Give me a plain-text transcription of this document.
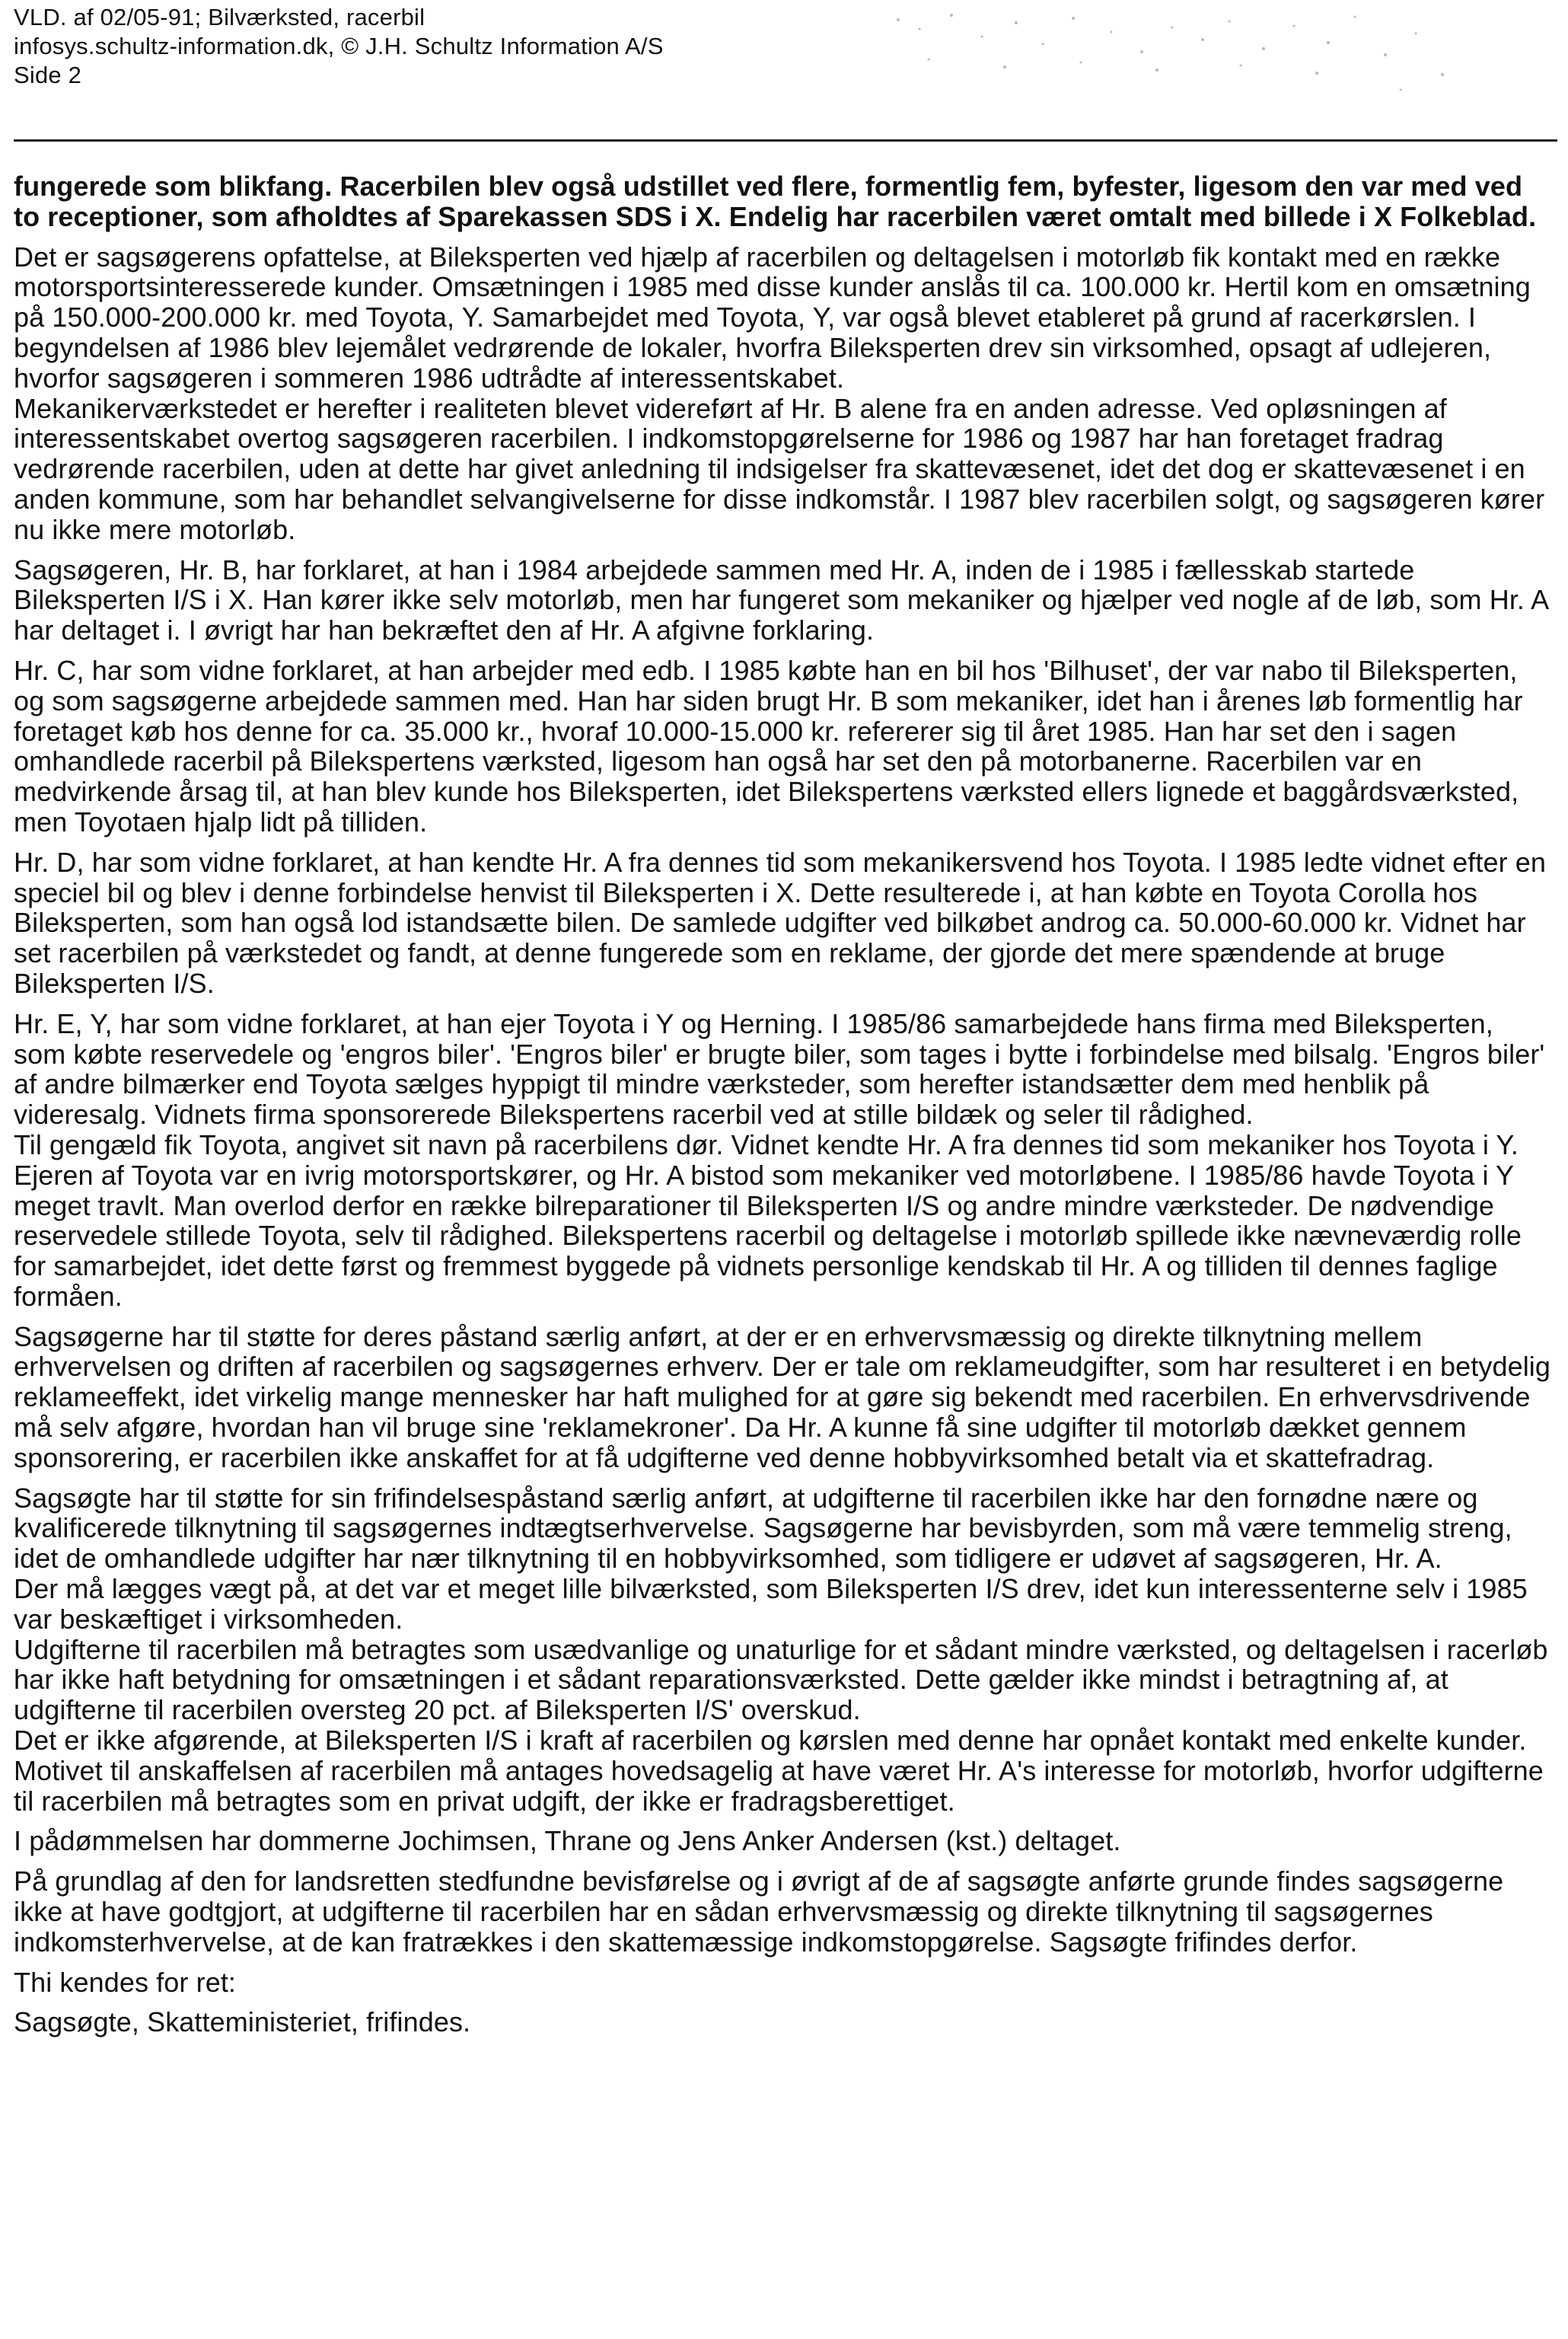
VLD. af 02/05-91; Bilværksted, racerbil
infosys.schultz-information.dk, © J.H. Schultz Information A/S
Side 2

fungerede som blikfang. Racerbilen blev også udstillet ved flere, formentlig fem, byfester, ligesom den var med ved to receptioner, som afholdtes af Sparekassen SDS i X. Endelig har racerbilen været omtalt med billede i X Folkeblad.

Det er sagsøgerens opfattelse, at Bileksperten ved hjælp af racerbilen og deltagelsen i motorløb fik kontakt med en række motorsportsinteresserede kunder. Omsætningen i 1985 med disse kunder anslås til ca. 100.000 kr. Hertil kom en omsætning på 150.000-200.000 kr. med Toyota, Y. Samarbejdet med Toyota, Y, var også blevet etableret på grund af racerkørslen. I begyndelsen af 1986 blev lejemålet vedrørende de lokaler, hvorfra Bileksperten drev sin virksomhed, opsagt af udlejeren, hvorfor sagsøgeren i sommeren 1986 udtrådte af interessentskabet.

Mekanikerværkstedet er herefter i realiteten blevet videreført af Hr. B alene fra en anden adresse. Ved opløsningen af interessentskabet overtog sagsøgeren racerbilen. I indkomstopgørelserne for 1986 og 1987 har han foretaget fradrag vedrørende racerbilen, uden at dette har givet anledning til indsigelser fra skattevæsenet, idet det dog er skattevæsenet i en anden kommune, som har behandlet selvangivelserne for disse indkomstår. I 1987 blev racerbilen solgt, og sagsøgeren kører nu ikke mere motorløb.

Sagsøgeren, Hr. B, har forklaret, at han i 1984 arbejdede sammen med Hr. A, inden de i 1985 i fællesskab startede Bileksperten I/S i X. Han kører ikke selv motorløb, men har fungeret som mekaniker og hjælper ved nogle af de løb, som Hr. A har deltaget i. I øvrigt har han bekræftet den af Hr. A afgivne forklaring.

Hr. C, har som vidne forklaret, at han arbejder med edb. I 1985 købte han en bil hos 'Bilhuset', der var nabo til Bileksperten, og som sagsøgerne arbejdede sammen med. Han har siden brugt Hr. B som mekaniker, idet han i årenes løb formentlig har foretaget køb hos denne for ca. 35.000 kr., hvoraf 10.000-15.000 kr. refererer sig til året 1985. Han har set den i sagen omhandlede racerbil på Bilekspertens værksted, ligesom han også har set den på motorbanerne. Racerbilen var en medvirkende årsag til, at han blev kunde hos Bileksperten, idet Bilekspertens værksted ellers lignede et baggårdsværksted, men Toyotaen hjalp lidt på tilliden.

Hr. D, har som vidne forklaret, at han kendte Hr. A fra dennes tid som mekanikersvend hos Toyota. I 1985 ledte vidnet efter en speciel bil og blev i denne forbindelse henvist til Bileksperten i X. Dette resulterede i, at han købte en Toyota Corolla hos Bileksperten, som han også lod istandsætte bilen. De samlede udgifter ved bilkøbet androg ca. 50.000-60.000 kr. Vidnet har set racerbilen på værkstedet og fandt, at denne fungerede som en reklame, der gjorde det mere spændende at bruge Bileksperten I/S.

Hr. E, Y, har som vidne forklaret, at han ejer Toyota i Y og Herning. I 1985/86 samarbejdede hans firma med Bileksperten, som købte reservedele og 'engros biler'. 'Engros biler' er brugte biler, som tages i bytte i forbindelse med bilsalg. 'Engros biler' af andre bilmærker end Toyota sælges hyppigt til mindre værksteder, som herefter istandsætter dem med henblik på videresalg. Vidnets firma sponsorerede Bilekspertens racerbil ved at stille bildæk og seler til rådighed.

Til gengæld fik Toyota, angivet sit navn på racerbilens dør. Vidnet kendte Hr. A fra dennes tid som mekaniker hos Toyota i Y. Ejeren af Toyota var en ivrig motorsportskører, og Hr. A bistod som mekaniker ved motorløbene. I 1985/86 havde Toyota i Y meget travlt. Man overlod derfor en række bilreparationer til Bileksperten I/S og andre mindre værksteder. De nødvendige reservedele stillede Toyota, selv til rådighed. Bilekspertens racerbil og deltagelse i motorløb spillede ikke nævneværdig rolle for samarbejdet, idet dette først og fremmest byggede på vidnets personlige kendskab til Hr. A og tilliden til dennes faglige formåen.

Sagsøgerne har til støtte for deres påstand særlig anført, at der er en erhvervsmæssig og direkte tilknytning mellem erhvervelsen og driften af racerbilen og sagsøgernes erhverv. Der er tale om reklameudgifter, som har resulteret i en betydelig reklameeffekt, idet virkelig mange mennesker har haft mulighed for at gøre sig bekendt med racerbilen. En erhvervsdrivende må selv afgøre, hvordan han vil bruge sine 'reklamekroner'. Da Hr. A kunne få sine udgifter til motorløb dækket gennem sponsorering, er racerbilen ikke anskaffet for at få udgifterne ved denne hobbyvirksomhed betalt via et skattefradrag.

Sagsøgte har til støtte for sin frifindelsespåstand særlig anført, at udgifterne til racerbilen ikke har den fornødne nære og kvalificerede tilknytning til sagsøgernes indtægtserhvervelse. Sagsøgerne har bevisbyrden, som må være temmelig streng, idet de omhandlede udgifter har nær tilknytning til en hobbyvirksomhed, som tidligere er udøvet af sagsøgeren, Hr. A.

Der må lægges vægt på, at det var et meget lille bilværksted, som Bileksperten I/S drev, idet kun interessenterne selv i 1985 var beskæftiget i virksomheden.

Udgifterne til racerbilen må betragtes som usædvanlige og unaturlige for et sådant mindre værksted, og deltagelsen i racerløb har ikke haft betydning for omsætningen i et sådant reparationsværksted. Dette gælder ikke mindst i betragtning af, at udgifterne til racerbilen oversteg 20 pct. af Bileksperten I/S' overskud.

Det er ikke afgørende, at Bileksperten I/S i kraft af racerbilen og kørslen med denne har opnået kontakt med enkelte kunder. Motivet til anskaffelsen af racerbilen må antages hovedsagelig at have været Hr. A's interesse for motorløb, hvorfor udgifterne til racerbilen må betragtes som en privat udgift, der ikke er fradragsberettiget.

I pådømmelsen har dommerne Jochimsen, Thrane og Jens Anker Andersen (kst.) deltaget.

På grundlag af den for landsretten stedfundne bevisførelse og i øvrigt af de af sagsøgte anførte grunde findes sagsøgerne ikke at have godtgjort, at udgifterne til racerbilen har en sådan erhvervsmæssig og direkte tilknytning til sagsøgernes indkomsterhvervelse, at de kan fratrækkes i den skattemæssige indkomstopgørelse. Sagsøgte frifindes derfor.

Thi kendes for ret:

Sagsøgte, Skatteministeriet, frifindes.
